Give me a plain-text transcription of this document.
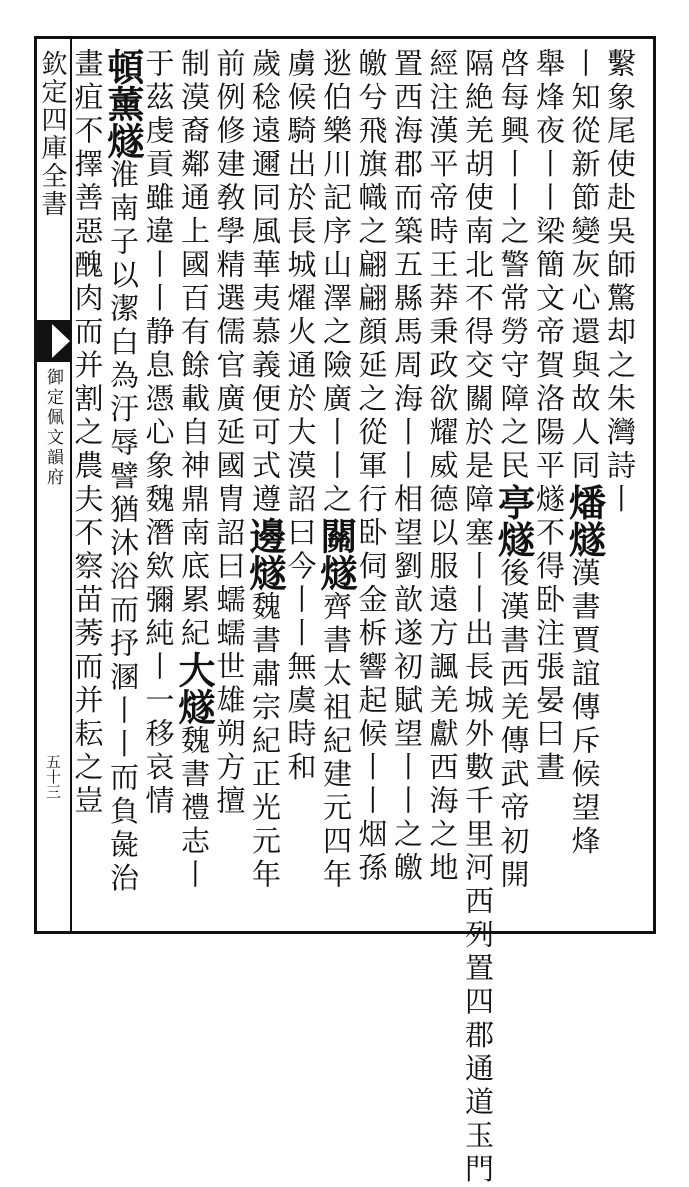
欽定四庫全書
御定佩文韻府
五十三
繫象尾使赴吳師驚却之朱灣詩丨
丨知從新節變灰心還與故人同燔燧漢書賈誼傳斥候望烽
舉烽夜丨丨梁簡文帝賀洛陽平燧不得卧注張晏曰晝
啓每興丨丨之警常勞守障之民亭燧後漢書西羌傳武帝初開
隔絶羌胡使南北不得交關於是障塞丨丨出長城外數千里河西列置四郡通道玉門
經注漢平帝時王莽秉政欲耀威德以服遠方諷羌獻西海之地
置西海郡而築五縣馬周海丨丨相望劉歆遂初賦望丨丨之皦
皦兮飛旗幟之翩翩顔延之從軍行卧伺金柝響起候丨丨烟孫
逖伯樂川記序山澤之險廣丨丨之關燧齊書太祖紀建元四年
虜候騎出於長城燿火通於大漠詔曰今丨丨無虞時和
歲稔遠邇同風華夷慕義便可式遵邊燧魏書肅宗紀正光元年
前例修建敎學精選儒官廣延國胄詔曰蠕蠕世雄朔方擅
制漠裔鄰通上國百有餘載自神鼎南底累紀大燧魏書禮志丨
于茲虔貢雖違丨丨静息憑心象魏潛欸彌純丨一移哀情
頓薰燧淮南子以潔白為汙辱譬猶沐浴而抒溷丨丨而負彘治
畫疽不擇善惡醜肉而并割之農夫不察苗莠而并耘之豈
